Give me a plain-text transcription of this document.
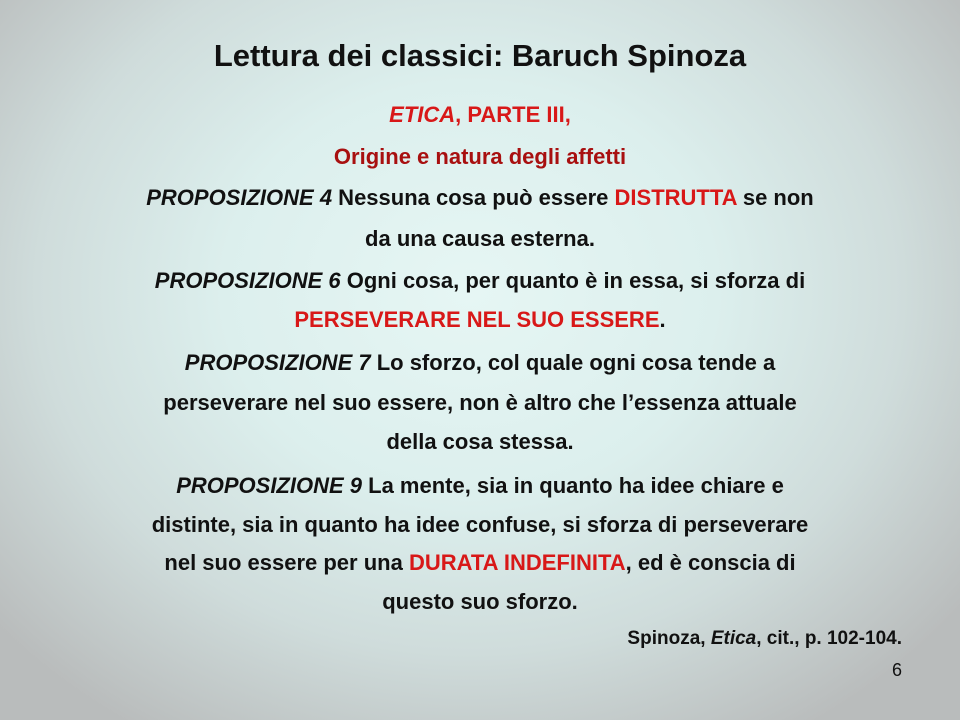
Lettura dei classici: Baruch Spinoza
ETICA, PARTE III,
Origine e natura degli affetti
PROPOSIZIONE 4 Nessuna cosa può essere DISTRUTTA se non
da una causa esterna.
PROPOSIZIONE 6 Ogni cosa, per quanto è in essa, si sforza di
PERSEVERARE NEL SUO ESSERE.
PROPOSIZIONE 7 Lo sforzo, col quale ogni cosa tende a
perseverare nel suo essere, non è altro che l’essenza attuale
della cosa stessa.
PROPOSIZIONE 9 La mente, sia in quanto ha idee chiare e
distinte, sia in quanto ha idee confuse, si sforza di perseverare
nel suo essere per una DURATA INDEFINITA, ed è conscia di
questo suo sforzo.
Spinoza, Etica, cit., p. 102-104.
6
